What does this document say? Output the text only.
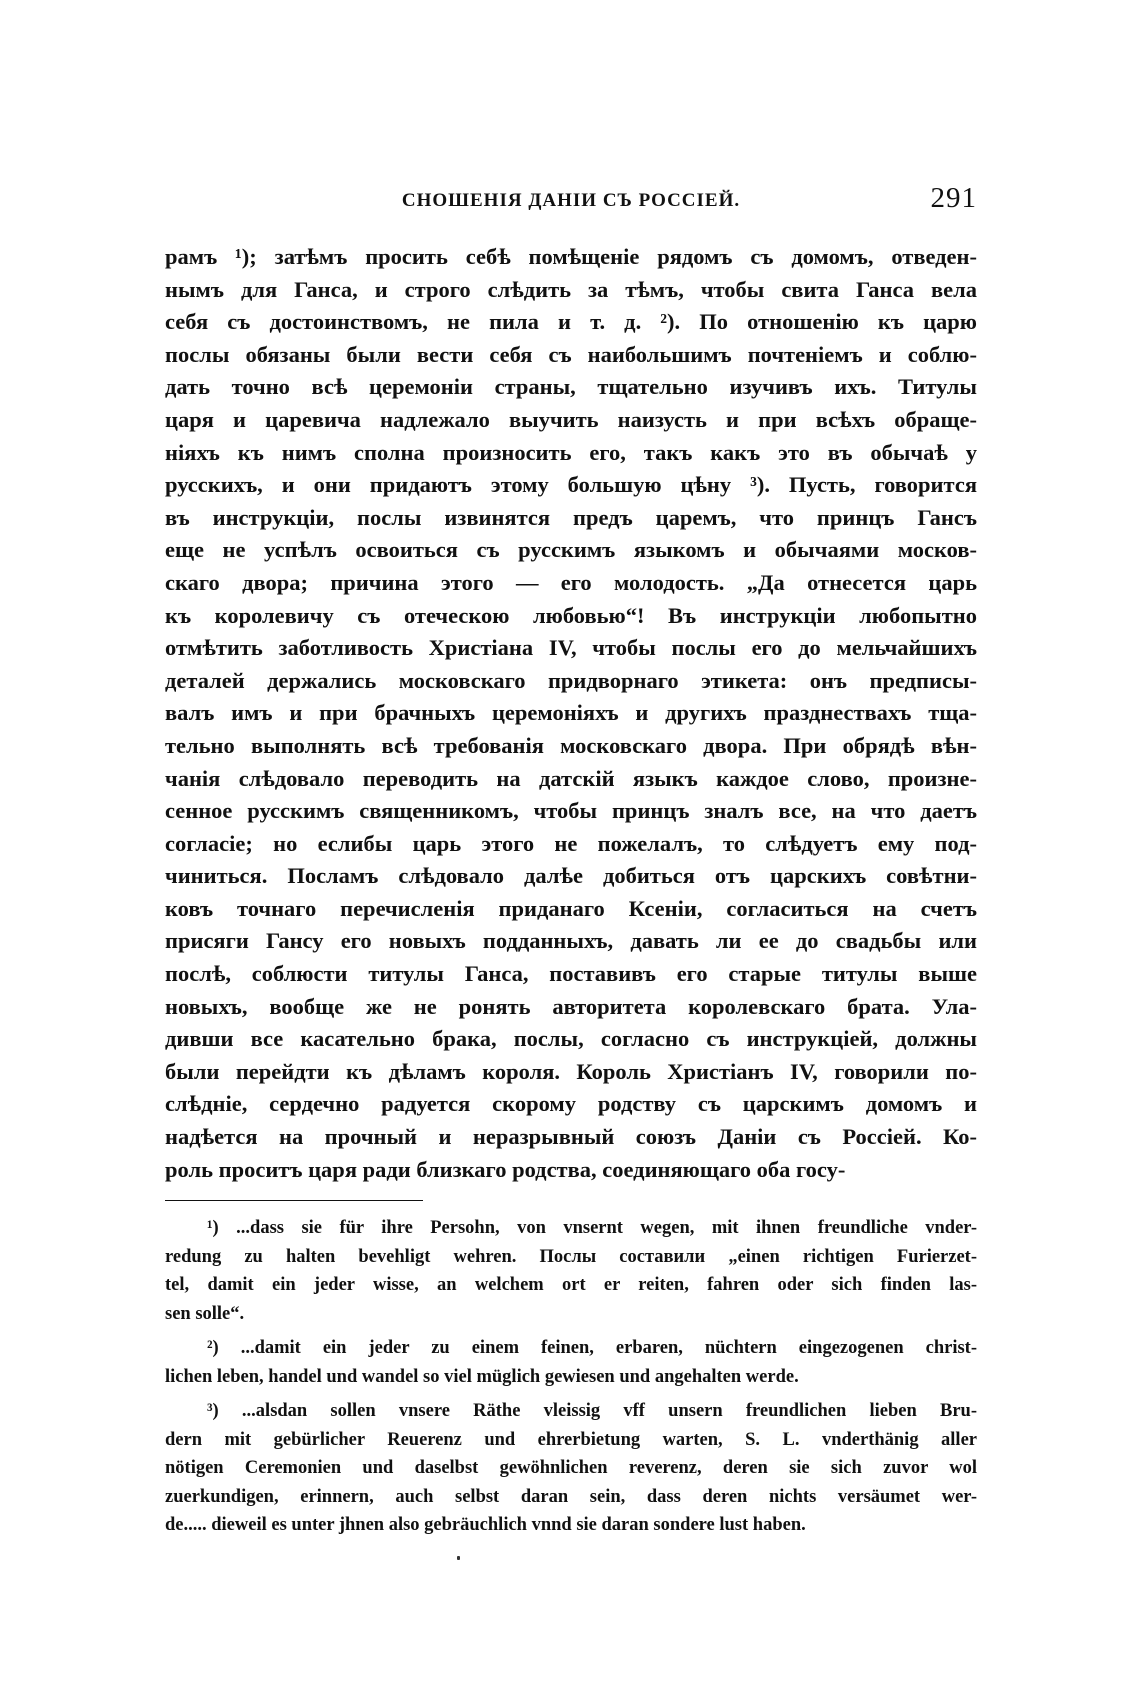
СНОШЕНІЯ ДАНІИ СЪ РОССІЕЙ.	291
рамъ ¹); затѣмъ просить себѣ помѣщеніе рядомъ съ домомъ, отведен-
нымъ для Ганса, и строго слѣдить за тѣмъ, чтобы свита Ганса вела
себя съ достоинствомъ, не пила и т. д. ²). По отношенію къ царю
послы обязаны были вести себя съ наибольшимъ почтеніемъ и соблю-
дать точно всѣ церемоніи страны, тщательно изучивъ ихъ. Титулы
царя и царевича надлежало выучить наизусть и при всѣхъ обраще-
ніяхъ къ нимъ сполна произносить его, такъ какъ это въ обычаѣ у
русскихъ, и они придаютъ этому большую цѣну ³). Пусть, говорится
въ инструкціи, послы извинятся предъ царемъ, что принцъ Гансъ
еще не успѣлъ освоиться съ русскимъ языкомъ и обычаями москов-
скаго двора; причина этого — его молодость. „Да отнесется царь
къ королевичу съ отеческою любовью“! Въ инструкціи любопытно
отмѣтить заботливость Христіана IV, чтобы послы его до мельчайшихъ
деталей держались московскаго придворнаго этикета: онъ предписы-
валъ имъ и при брачныхъ церемоніяхъ и другихъ празднествахъ тща-
тельно выполнять всѣ требованія московскаго двора. При обрядѣ вѣн-
чанія слѣдовало переводить на датскій языкъ каждое слово, произне-
сенное русскимъ священникомъ, чтобы принцъ зналъ все, на что даетъ
согласіе; но еслибы царь этого не пожелалъ, то слѣдуетъ ему под-
чиниться. Посламъ слѣдовало далѣе добиться отъ царскихъ совѣтни-
ковъ точнаго перечисленія приданаго Ксеніи, согласиться на счетъ
присяги Гансу его новыхъ подданныхъ, давать ли ее до свадьбы или
послѣ, соблюсти титулы Ганса, поставивъ его старые титулы выше
новыхъ, вообще же не ронять авторитета королевскаго брата. Ула-
дивши все касательно брака, послы, согласно съ инструкціей, должны
были перейдти къ дѣламъ короля. Король Христіанъ IV, говорили по-
слѣдніе, сердечно радуется скорому родству съ царскимъ домомъ и
надѣется на прочный и неразрывный союзъ Даніи съ Россіей. Ко-
роль проситъ царя ради близкаго родства, соединяющаго оба госу-
¹) ...dass sie für ihre Persohn, von vnsernt wegen, mit ihnen freundliche vnder-
redung zu halten bevehligt wehren. Послы составили „einen richtigen Furierzet-
tel, damit ein jeder wisse, an welchem ort er reiten, fahren oder sich finden las-
sen solle“.
²) ...damit ein jeder zu einem feinen, erbaren, nüchtern eingezogenen christ-
lichen leben, handel und wandel so viel müglich gewiesen und angehalten werde.
³) ...alsdan sollen vnsere Räthe vleissig vff unsern freundlichen lieben Bru-
dern mit gebürlicher Reuerenz und ehrerbietung warten, S. L. vnderthänig aller
nötigen Ceremonien und daselbst gewöhnlichen reverenz, deren sie sich zuvor wol
zuerkundigen, erinnern, auch selbst daran sein, dass deren nichts versäumet wer-
de..... dieweil es unter jhnen also gebräuchlich vnnd sie daran sondere lust haben.
